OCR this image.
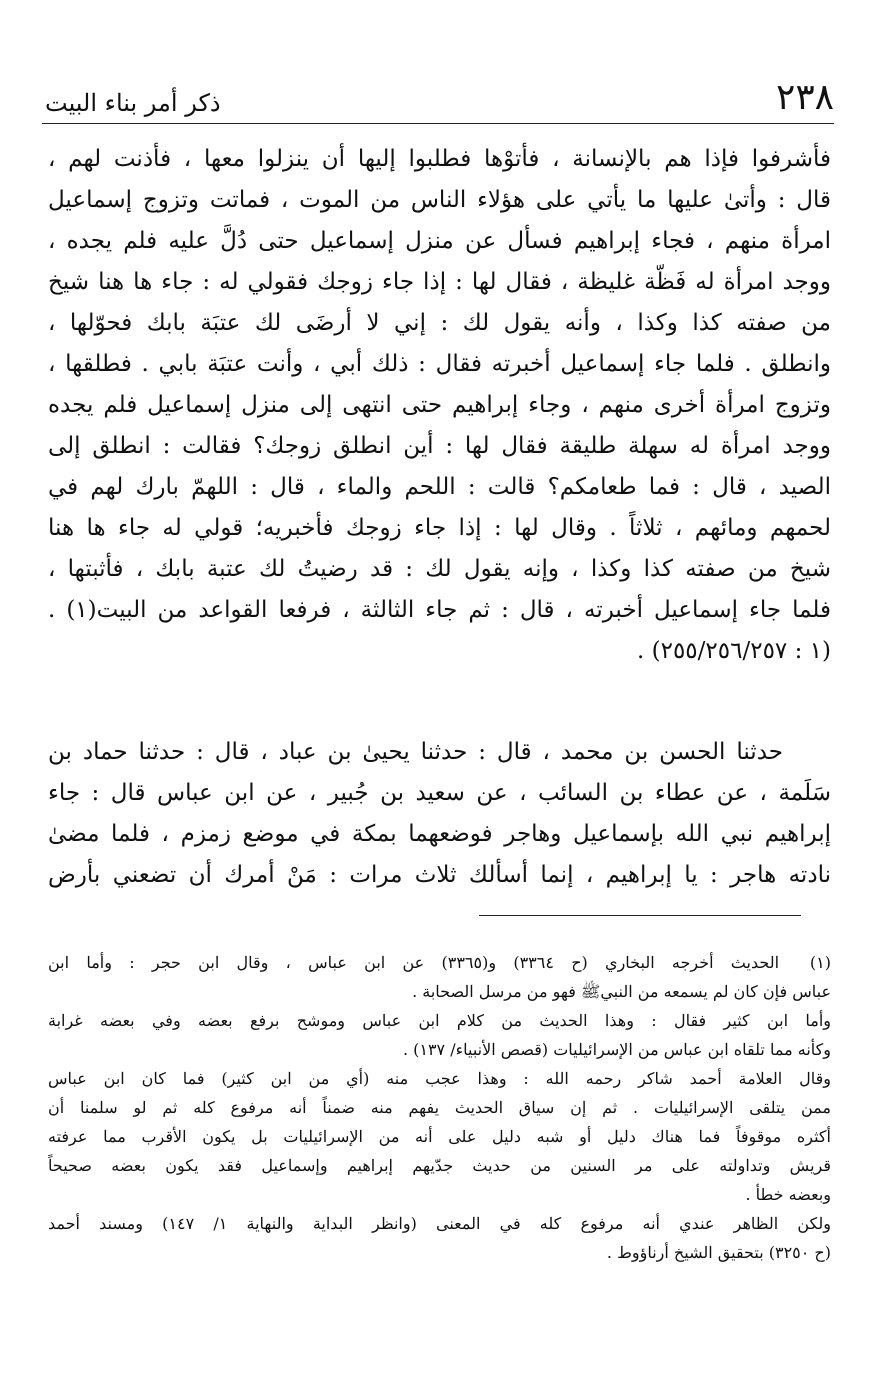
٢٣٨
ذكر أمر بناء البيت
فأشرفوا فإذا هم بالإنسانة ، فأتوْها فطلبوا إليها أن ينزلوا معها ، فأذنت لهم ،
قال : وأتىٰ عليها ما يأتي على هؤلاء الناس من الموت ، فماتت وتزوج إسماعيل
امرأة منهم ، فجاء إبراهيم فسأل عن منزل إسماعيل حتى دُلَّ عليه فلم يجده ،
ووجد امرأة له فَظّة غليظة ، فقال لها : إذا جاء زوجك فقولي له : جاء ها هنا شيخ
من صفته كذا وكذا ، وأنه يقول لك : إني لا أرضَى لك عتبَة بابك فحوّلها ،
وانطلق . فلما جاء إسماعيل أخبرته فقال : ذلك أبي ، وأنت عتبَة بابي . فطلقها ،
وتزوج امرأة أخرى منهم ، وجاء إبراهيم حتى انتهى إلى منزل إسماعيل فلم يجده
ووجد امرأة له سهلة طليقة فقال لها : أين انطلق زوجك؟ فقالت : انطلق إلى
الصيد ، قال : فما طعامكم؟ قالت : اللحم والماء ، قال : اللهمّ بارك لهم في
لحمهم ومائهم ، ثلاثاً . وقال لها : إذا جاء زوجك فأخبريه؛ قولي له جاء ها هنا
شيخ من صفته كذا وكذا ، وإنه يقول لك : قد رضيتُ لك عتبة بابك ، فأثبتها ،
فلما جاء إسماعيل أخبرته ، قال : ثم جاء الثالثة ، فرفعا القواعد من البيت(١) .
(١ : ٢٥٥/٢٥٦/٢٥٧) .
حدثنا الحسن بن محمد ، قال : حدثنا يحيىٰ بن عباد ، قال : حدثنا حماد بن
سَلَمة ، عن عطاء بن السائب ، عن سعيد بن جُبير ، عن ابن عباس قال : جاء
إبراهيم نبي الله بإسماعيل وهاجر فوضعهما بمكة في موضع زمزم ، فلما مضىٰ
نادته هاجر : يا إبراهيم ، إنما أسألك ثلاث مرات : مَنْ أمرك أن تضعني بأرض
(١)
الحديث أخرجه البخاري (ح ٣٣٦٤) و(٣٣٦٥) عن ابن عباس ، وقال ابن حجر : وأما ابن
عباس فإن كان لم يسمعه من النبيﷺ فهو من مرسل الصحابة .
وأما ابن كثير فقال : وهذا الحديث من كلام ابن عباس وموشح برفع بعضه وفي بعضه غرابة
وكأنه مما تلقاه ابن عباس من الإسرائيليات (قصص الأنبياء/ ١٣٧) .
وقال العلامة أحمد شاكر رحمه الله : وهذا عجب منه (أي من ابن كثير) فما كان ابن عباس
ممن يتلقى الإسرائيليات . ثم إن سياق الحديث يفهم منه ضمناً أنه مرفوع كله ثم لو سلمنا أن
أكثره موقوفاً فما هناك دليل أو شبه دليل على أنه من الإسرائيليات بل يكون الأقرب مما عرفته
قريش وتداولته على مر السنين من حديث جدّيهم إبراهيم وإسماعيل فقد يكون بعضه صحيحاً
وبعضه خطأ .
ولكن الظاهر عندي أنه مرفوع كله في المعنى (وانظر البداية والنهاية ١/ ١٤٧) ومسند أحمد
(ح ٣٢٥٠) بتحقيق الشيخ أرناؤوط .
